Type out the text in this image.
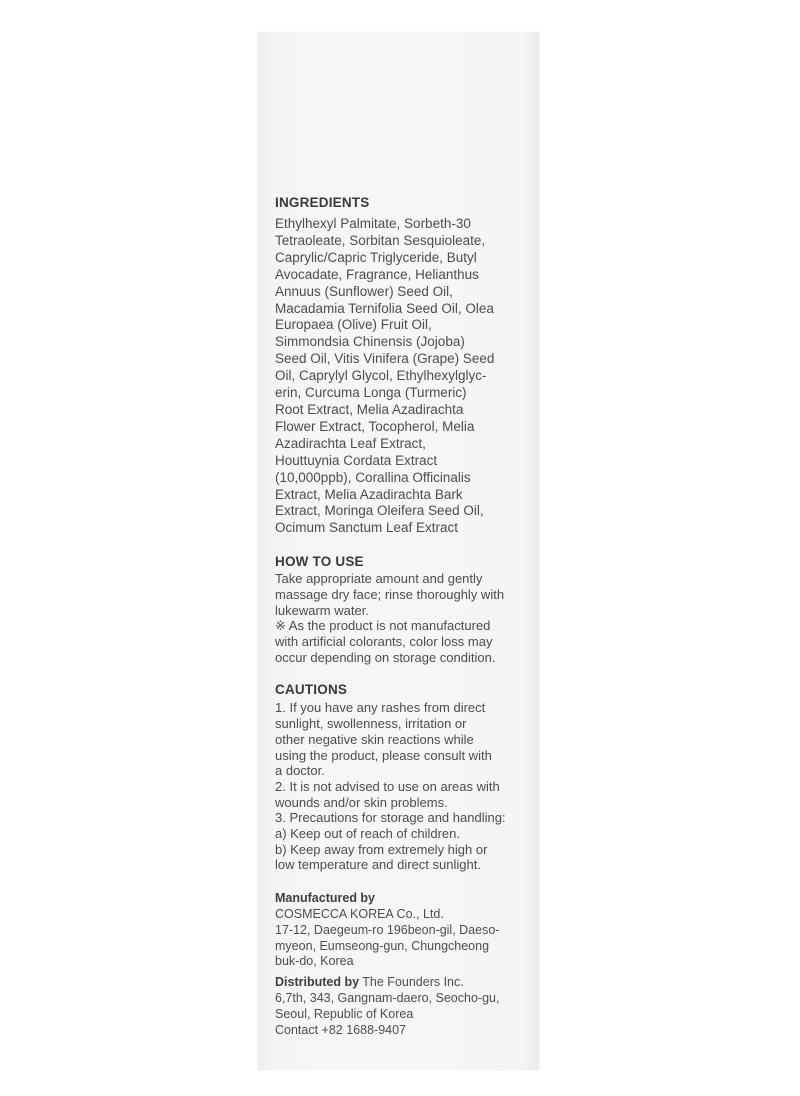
INGREDIENTS

Ethylhexyl Palmitate, Sorbeth-30
Tetraoleate, Sorbitan Sesquioleate,
Caprylic/Capric Triglyceride, Butyl
Avocadate, Fragrance, Helianthus
Annuus (Sunflower) Seed Oil,
Macadamia Ternifolia Seed Oil, Olea
Europaea (Olive) Fruit Oil,
Simmondsia Chinensis (Jojoba)
Seed Oil, Vitis Vinifera (Grape) Seed
Oil, Caprylyl Glycol, Ethylhexylglyc-
erin, Curcuma Longa (Turmeric)
Root Extract, Melia Azadirachta
Flower Extract, Tocopherol, Melia
Azadirachta Leaf Extract,
Houttuynia Cordata Extract
(10,000ppb), Corallina Officinalis
Extract, Melia Azadirachta Bark
Extract, Moringa Oleifera Seed Oil,
Ocimum Sanctum Leaf Extract

HOW TO USE

Take appropriate amount and gently
massage dry face; rinse thoroughly with
lukewarm water.
※ As the product is not manufactured
with artificial colorants, color loss may
occur depending on storage condition.

CAUTIONS

1. If you have any rashes from direct
sunlight, swollenness, irritation or
other negative skin reactions while
using the product, please consult with
a doctor.
2. It is not advised to use on areas with
wounds and/or skin problems.
3. Precautions for storage and handling:
a) Keep out of reach of children.
b) Keep away from extremely high or
low temperature and direct sunlight.

Manufactured by

COSMECCA KOREA Co., Ltd.
17-12, Daegeum-ro 196beon-gil, Daeso-
myeon, Eumseong-gun, Chungcheong
buk-do, Korea

Distributed by The Founders Inc.

6,7th, 343, Gangnam-daero, Seocho-gu,
Seoul, Republic of Korea
Contact +82 1688-9407
